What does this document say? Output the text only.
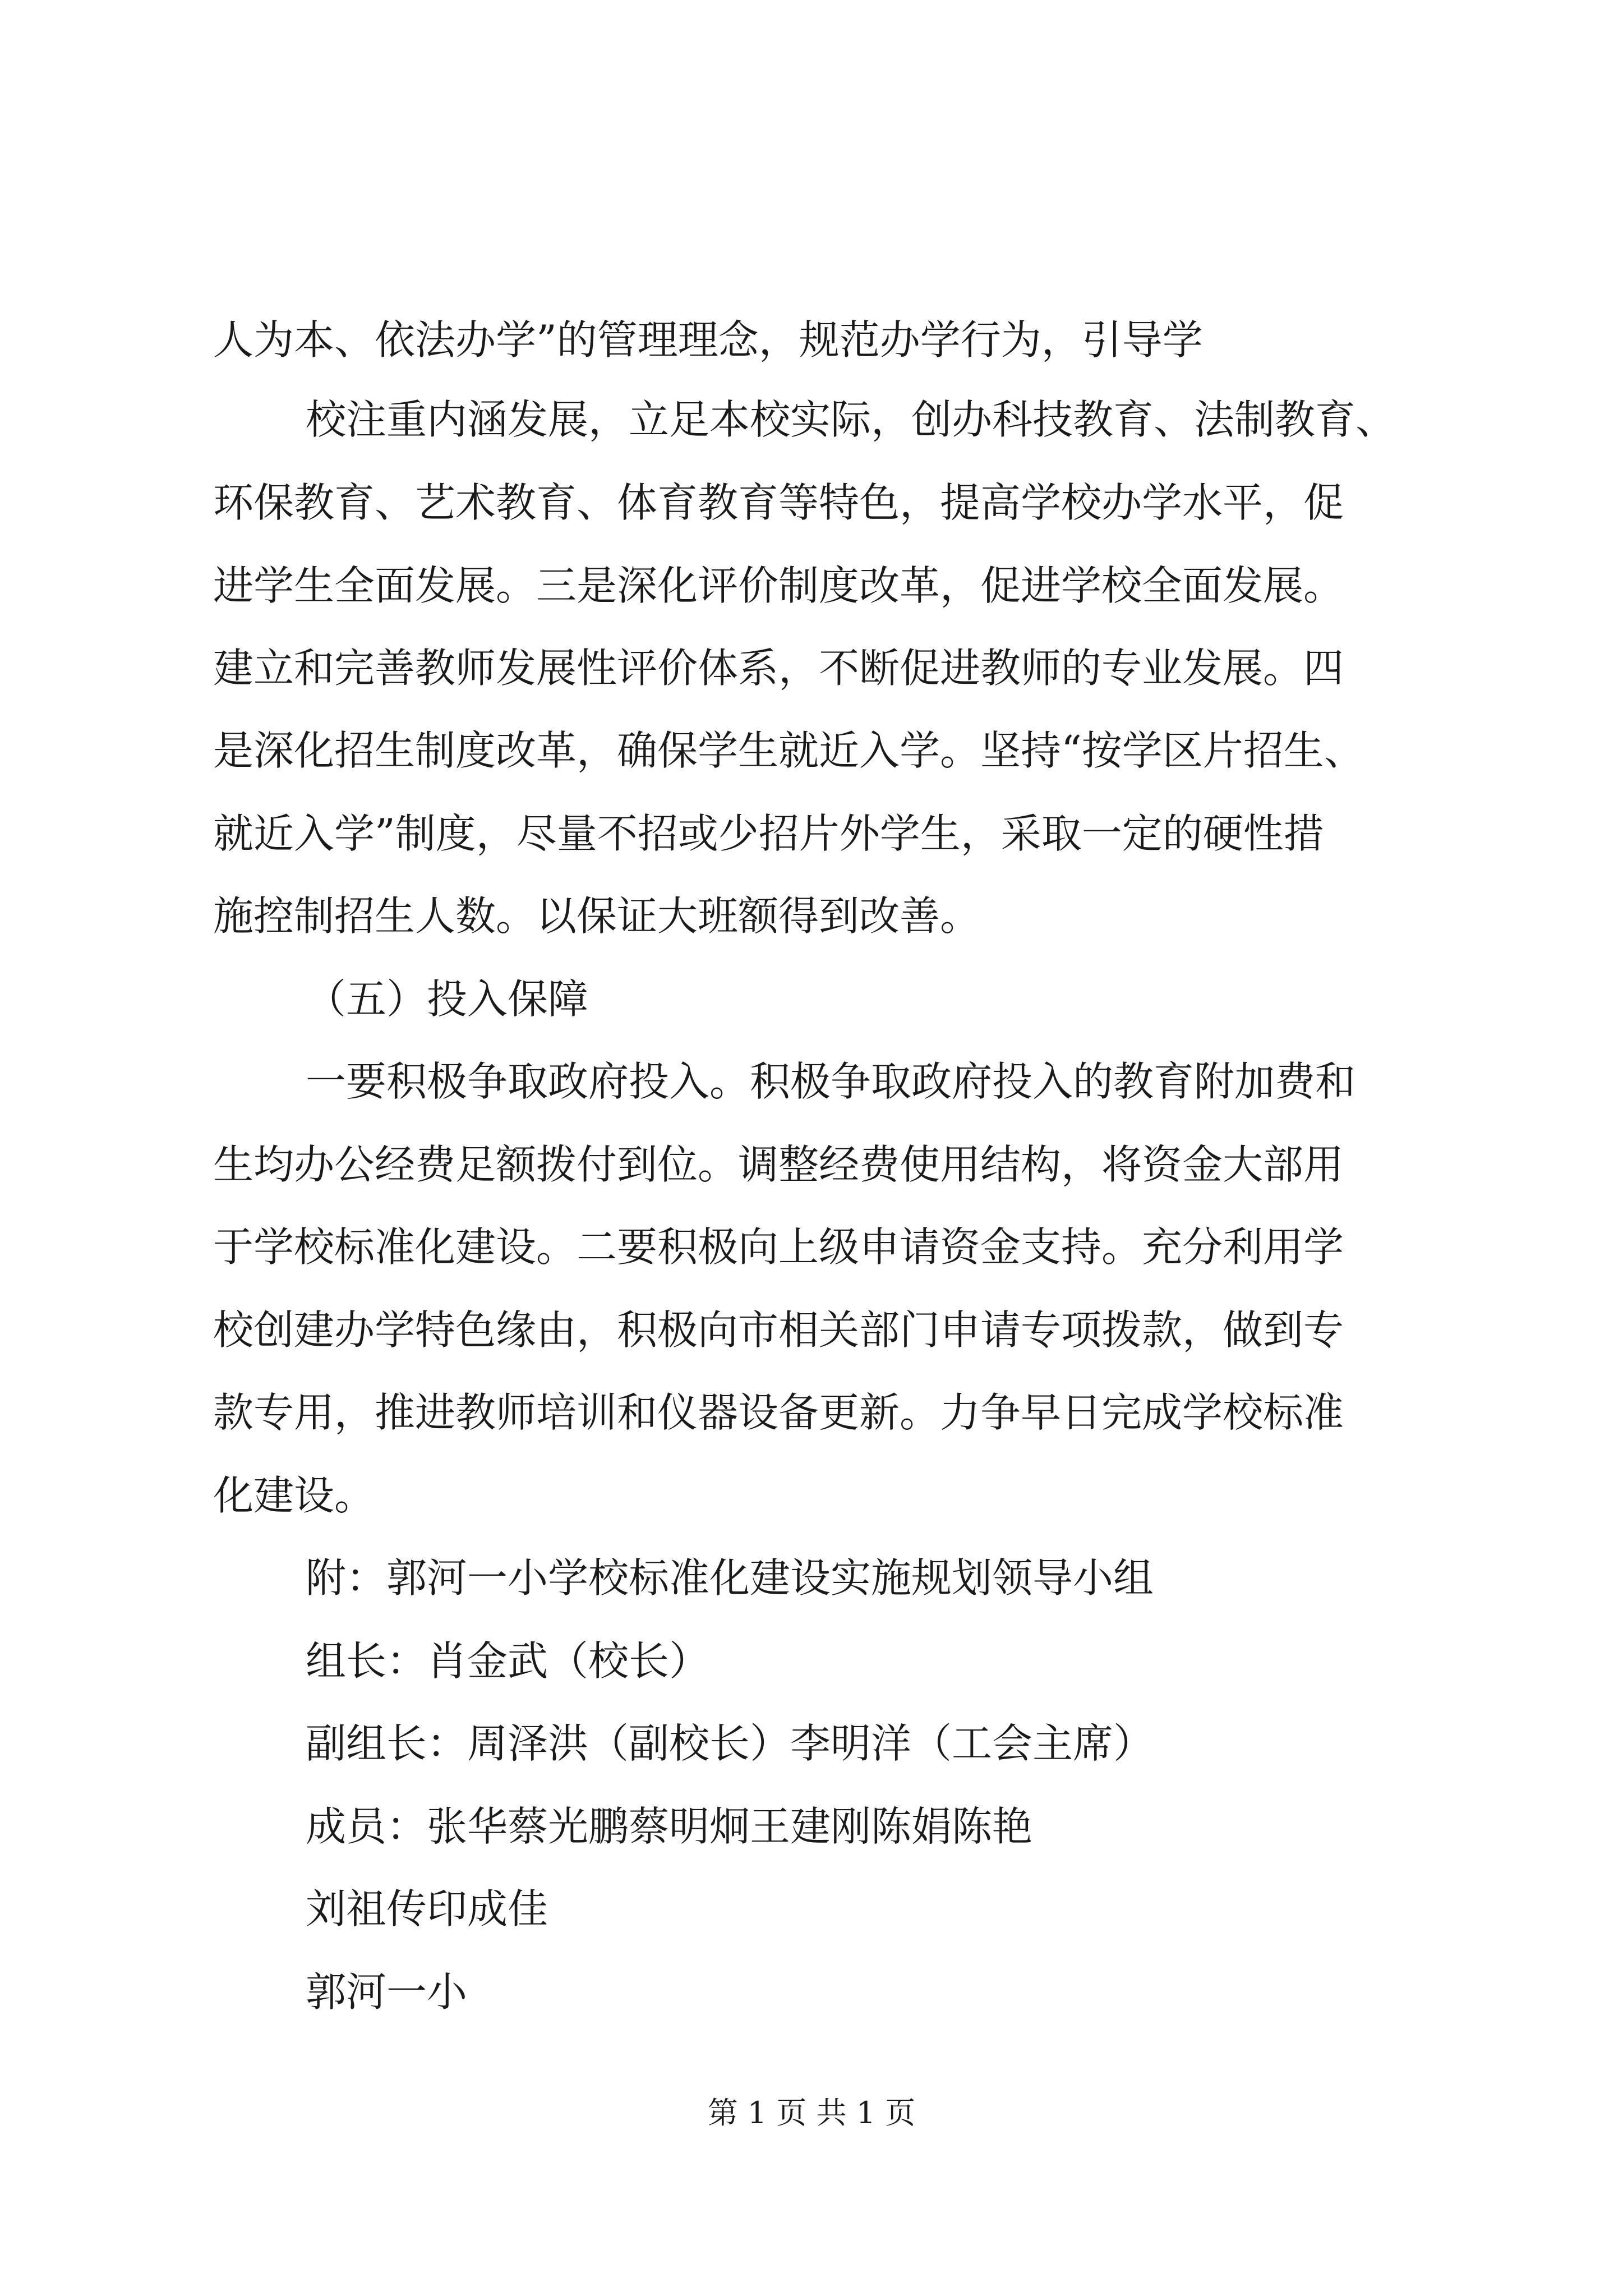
人为本、依法办学”的管理理念，规范办学行为，引导学
校注重内涵发展，立足本校实际，创办科技教育、法制教育、
环保教育、艺术教育、体育教育等特色，提高学校办学水平，促
进学生全面发展。三是深化评价制度改革，促进学校全面发展。
建立和完善教师发展性评价体系，不断促进教师的专业发展。四
是深化招生制度改革，确保学生就近入学。坚持“按学区片招生、
就近入学”制度，尽量不招或少招片外学生，采取一定的硬性措
施控制招生人数。以保证大班额得到改善。
（五）投入保障
一要积极争取政府投入。积极争取政府投入的教育附加费和
生均办公经费足额拨付到位。调整经费使用结构，将资金大部用
于学校标准化建设。二要积极向上级申请资金支持。充分利用学
校创建办学特色缘由，积极向市相关部门申请专项拨款，做到专
款专用，推进教师培训和仪器设备更新。力争早日完成学校标准
化建设。
附：郭河一小学校标准化建设实施规划领导小组
组长：肖金武（校长）
副组长：周泽洪（副校长）李明洋（工会主席）
成员：张华蔡光鹏蔡明炯王建刚陈娟陈艳
刘祖传印成佳
郭河一小
第 1 页 共 1 页
